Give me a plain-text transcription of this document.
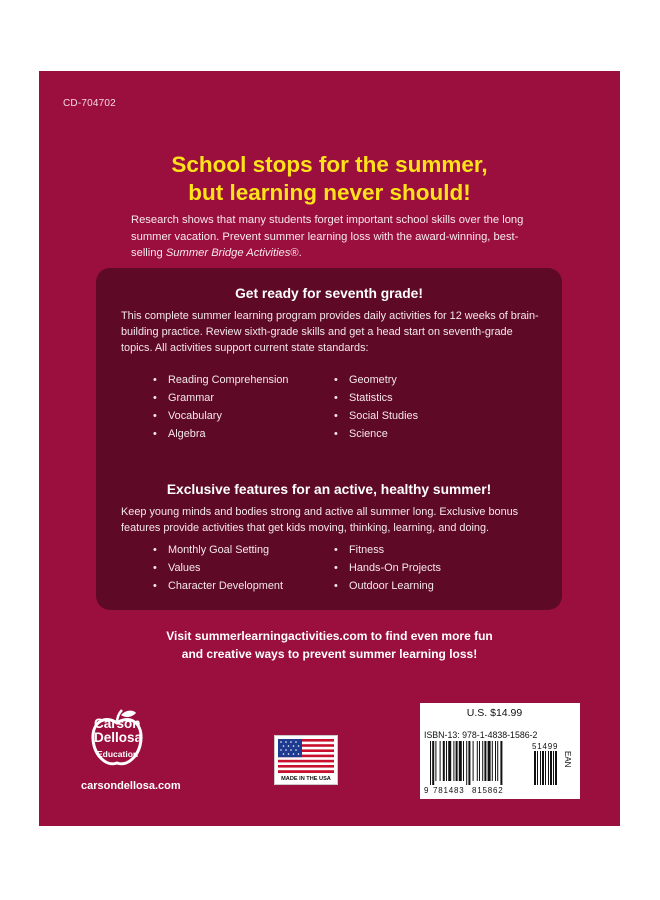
CD-704702
School stops for the summer,
but learning never should!
Research shows that many students forget important school skills over the long summer vacation. Prevent summer learning loss with the award-winning, best-selling Summer Bridge Activities®.
Get ready for seventh grade!

This complete summer learning program provides daily activities for 12 weeks of brain-building practice. Review sixth-grade skills and get a head start on seventh-grade topics. All activities support current state standards:

• Reading Comprehension
• Grammar
• Vocabulary
• Algebra
• Geometry
• Statistics
• Social Studies
• Science
Exclusive features for an active, healthy summer!

Keep young minds and bodies strong and active all summer long. Exclusive bonus features provide activities that get kids moving, thinking, learning, and doing.

• Monthly Goal Setting
• Values
• Character Development
• Fitness
• Hands-On Projects
• Outdoor Learning
Visit summerlearningactivities.com to find even more fun
and creative ways to prevent summer learning loss!
Carson
Dellosa
Education
carsondellosa.com
MADE IN THE USA
U.S. $14.99
ISBN-13: 978-1-4838-1586-2
9 781483 815862
51499
EAN
